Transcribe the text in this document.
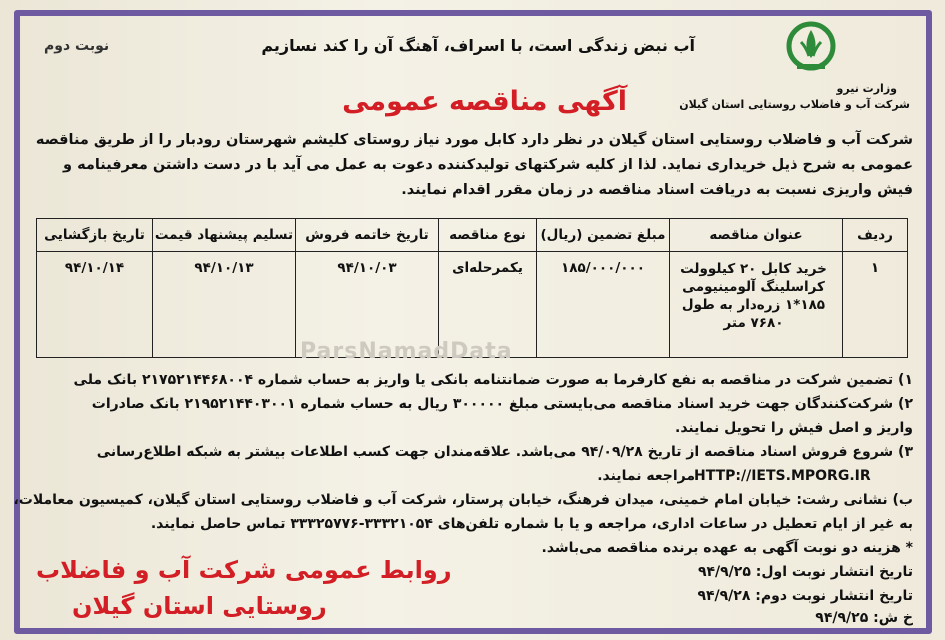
آب نبض زندگی است، با اسراف، آهنگ آن را کند نسازیم
نوبت دوم
وزارت نیرو
شرکت آب و فاضلاب روستایی استان گیلان
آگهی مناقصه عمومی
شرکت آب و فاضلاب روستایی استان گیلان در نظر دارد کابل مورد نیاز روستای کلیشم شهرستان رودبار را از طریق مناقصه
عمومی به شرح ذیل خریداری نماید. لذا از کلیه شرکتهای تولیدکننده دعوت به عمل می آید با در دست داشتن معرفینامه و
فیش واریزی نسبت به دریافت اسناد مناقصه در زمان مقرر اقدام نمایند.
ردیف	عنوان مناقصه	مبلغ تضمین (ریال)	نوع مناقصه	تاریخ خاتمه فروش	تسلیم پیشنهاد قیمت	تاریخ بازگشایی
۱	خرید کابل ۲۰ کیلوولت
کراسلینگ آلومینیومی
۱۸۵*۱ زره‌دار به طول
۷۶۸۰ متر	۱۸۵/۰۰۰/۰۰۰	یکمرحله‌ای	۹۴/۱۰/۰۳	۹۴/۱۰/۱۳	۹۴/۱۰/۱۴
ParsNamadData
۱) تضمین شرکت در مناقصه به نفع کارفرما به صورت ضمانتنامه بانکی یا واریز به حساب شماره ۲۱۷۵۲۱۴۴۶۸۰۰۴ بانک ملی
۲) شرکت‌کنندگان جهت خرید اسناد مناقصه می‌بایستی مبلغ ۳۰۰۰۰۰ ریال به حساب شماره ۲۱۹۵۲۱۴۴۰۳۰۰۱ بانک صادرات
واریز و اصل فیش را تحویل نمایند.
۳) شروع فروش اسناد مناقصه از تاریخ ۹۴/۰۹/۲۸ می‌باشد. علاقه‌مندان جهت کسب اطلاعات بیشتر به شبکه اطلاع‌رسانی
مراجعه نمایند. HTTP://IETS.MPORG.IR
ب) نشانی رشت: خیابان امام خمینی، میدان فرهنگ، خیابان پرستار، شرکت آب و فاضلاب روستایی استان گیلان، کمیسیون معاملات،
به غیر از ایام تعطیل در ساعات اداری، مراجعه و یا با شماره تلفن‌های ۳۳۳۲۱۰۵۴-۳۳۳۲۵۷۷۶ تماس حاصل نمایند.
* هزینه دو نوبت آگهی به عهده برنده مناقصه می‌باشد.
تاریخ انتشار نوبت اول: ۹۴/۹/۲۵
تاریخ انتشار نوبت دوم: ۹۴/۹/۲۸
خ ش: ۹۴/۹/۲۵
روابط عمومی شرکت آب و فاضلاب
روستایی استان گیلان
